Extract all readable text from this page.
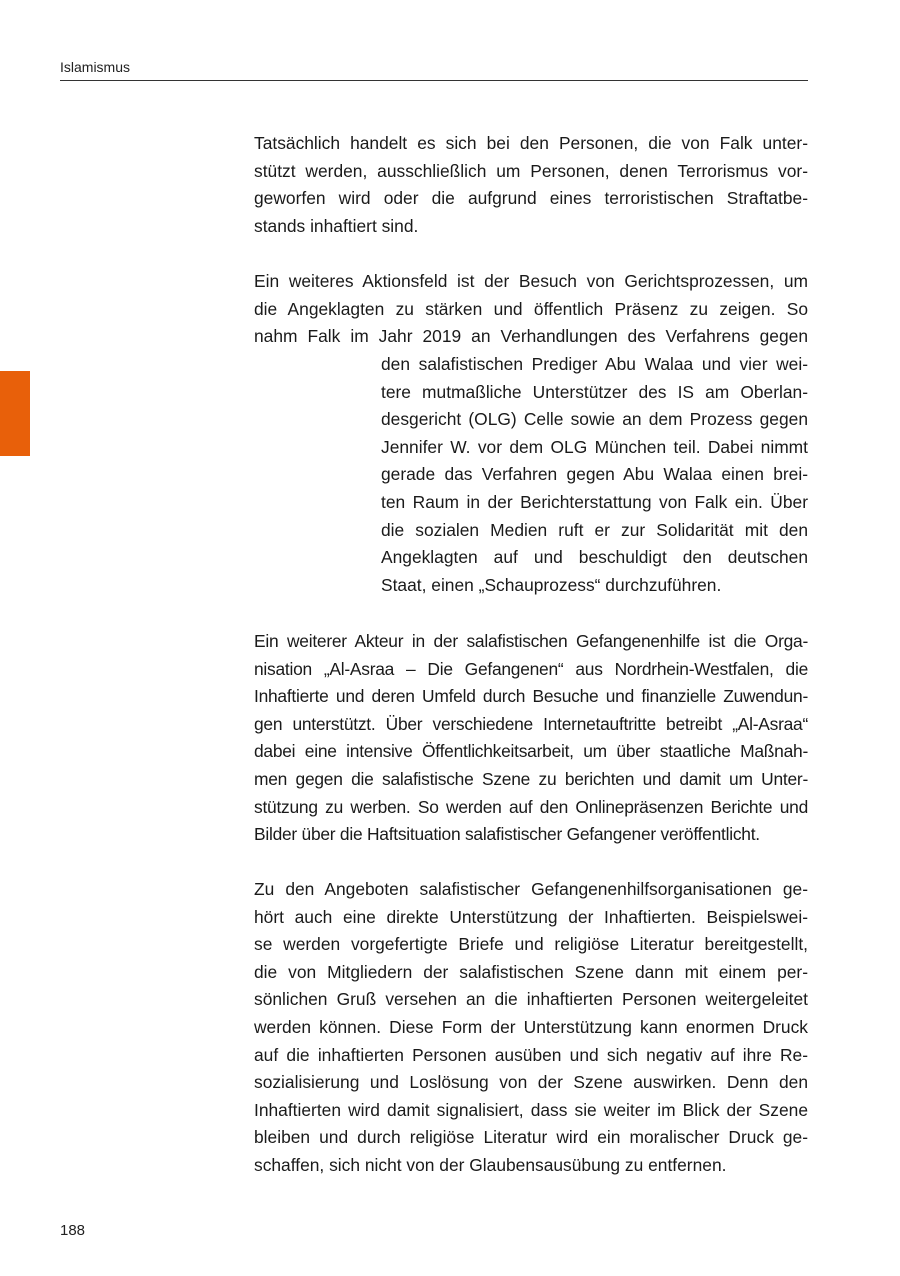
Islamismus

Tatsächlich handelt es sich bei den Personen, die von Falk unter-
stützt werden, ausschließlich um Personen, denen Terrorismus vor-
geworfen wird oder die aufgrund eines terroristischen Straftatbe-
stands inhaftiert sind.

Ein weiteres Aktionsfeld ist der Besuch von Gerichtsprozessen, um
die Angeklagten zu stärken und öffentlich Präsenz zu zeigen. So
nahm Falk im Jahr 2019 an Verhandlungen des Verfahrens gegen

den salafistischen Prediger Abu Walaa und vier wei-
tere mutmaßliche Unterstützer des IS am Oberlan-
desgericht (OLG) Celle sowie an dem Prozess gegen
Jennifer W. vor dem OLG München teil. Dabei nimmt
gerade das Verfahren gegen Abu Walaa einen brei-
ten Raum in der Berichterstattung von Falk ein. Über
die sozialen Medien ruft er zur Solidarität mit den
Angeklagten auf und beschuldigt den deutschen
Staat, einen „Schauprozess“ durchzuführen.

Ein weiterer Akteur in der salafistischen Gefangenenhilfe ist die Orga-
nisation „Al-Asraa – Die Gefangenen“ aus Nordrhein-Westfalen, die
Inhaftierte und deren Umfeld durch Besuche und finanzielle Zuwendun-
gen unterstützt. Über verschiedene Internetauftritte betreibt „Al-Asraa“
dabei eine intensive Öffentlichkeitsarbeit, um über staatliche Maßnah-
men gegen die salafistische Szene zu berichten und damit um Unter-
stützung zu werben. So werden auf den Onlinepräsenzen Berichte und
Bilder über die Haftsituation salafistischer Gefangener veröffentlicht.

Zu den Angeboten salafistischer Gefangenenhilfsorganisationen ge-
hört auch eine direkte Unterstützung der Inhaftierten. Beispielswei-
se werden vorgefertigte Briefe und religiöse Literatur bereitgestellt,
die von Mitgliedern der salafistischen Szene dann mit einem per-
sönlichen Gruß versehen an die inhaftierten Personen weitergeleitet
werden können. Diese Form der Unterstützung kann enormen Druck
auf die inhaftierten Personen ausüben und sich negativ auf ihre Re-
sozialisierung und Loslösung von der Szene auswirken. Denn den
Inhaftierten wird damit signalisiert, dass sie weiter im Blick der Szene
bleiben und durch religiöse Literatur wird ein moralischer Druck ge-
schaffen, sich nicht von der Glaubensausübung zu entfernen.

188
